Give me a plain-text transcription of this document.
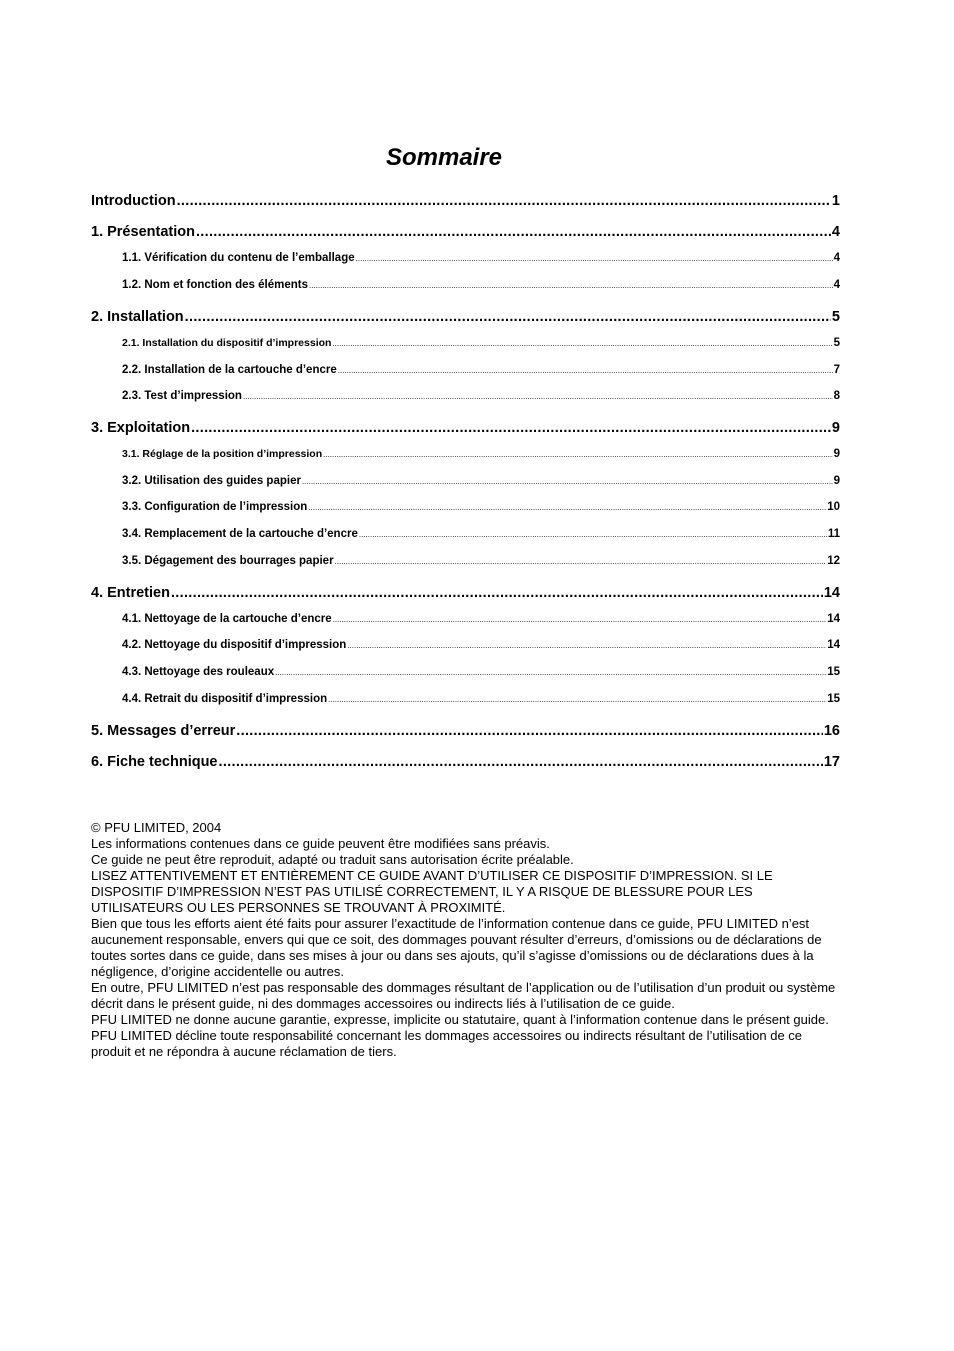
Sommaire
Introduction .....	1
1. Présentation .....	4
1.1. Vérification du contenu de l’emballage .....	4
1.2. Nom et fonction des éléments .....	4
2. Installation .....	5
2.1. Installation du dispositif d’impression .....	5
2.2. Installation de la cartouche d’encre .....	7
2.3. Test d’impression .....	8
3. Exploitation .....	9
3.1. Réglage de la position d’impression .....	9
3.2. Utilisation des guides papier .....	9
3.3. Configuration de l’impression .....	10
3.4. Remplacement de la cartouche d’encre .....	11
3.5. Dégagement des bourrages papier .....	12
4. Entretien .....	14
4.1. Nettoyage de la cartouche d’encre .....	14
4.2. Nettoyage du dispositif d’impression .....	14
4.3. Nettoyage des rouleaux .....	15
4.4. Retrait du dispositif d’impression .....	15
5. Messages d’erreur .....	16
6. Fiche technique .....	17

© PFU LIMITED, 2004

Les informations contenues dans ce guide peuvent être modifiées sans préavis.

Ce guide ne peut être reproduit, adapté ou traduit sans autorisation écrite préalable.

LISEZ ATTENTIVEMENT ET ENTIÈREMENT CE GUIDE AVANT D’UTILISER CE DISPOSITIF D’IMPRESSION. SI LE DISPOSITIF D’IMPRESSION N’EST PAS UTILISÉ CORRECTEMENT, IL Y A RISQUE DE BLESSURE POUR LES UTILISATEURS OU LES PERSONNES SE TROUVANT À PROXIMITÉ.

Bien que tous les efforts aient été faits pour assurer l’exactitude de l’information contenue dans ce guide, PFU LIMITED n’est aucunement responsable, envers qui que ce soit, des dommages pouvant résulter d’erreurs, d’omissions ou de déclarations de toutes sortes dans ce guide, dans ses mises à jour ou dans ses ajouts, qu’il s’agisse d’omissions ou de déclarations dues à la négligence, d’origine accidentelle ou autres.

En outre, PFU LIMITED n’est pas responsable des dommages résultant de l’application ou de l’utilisation d’un produit ou système décrit dans le présent guide, ni des dommages accessoires ou indirects liés à l’utilisation de ce guide.

PFU LIMITED ne donne aucune garantie, expresse, implicite ou statutaire, quant à l’information contenue dans le présent guide.

PFU LIMITED décline toute responsabilité concernant les dommages accessoires ou indirects résultant de l’utilisation de ce produit et ne répondra à aucune réclamation de tiers.
